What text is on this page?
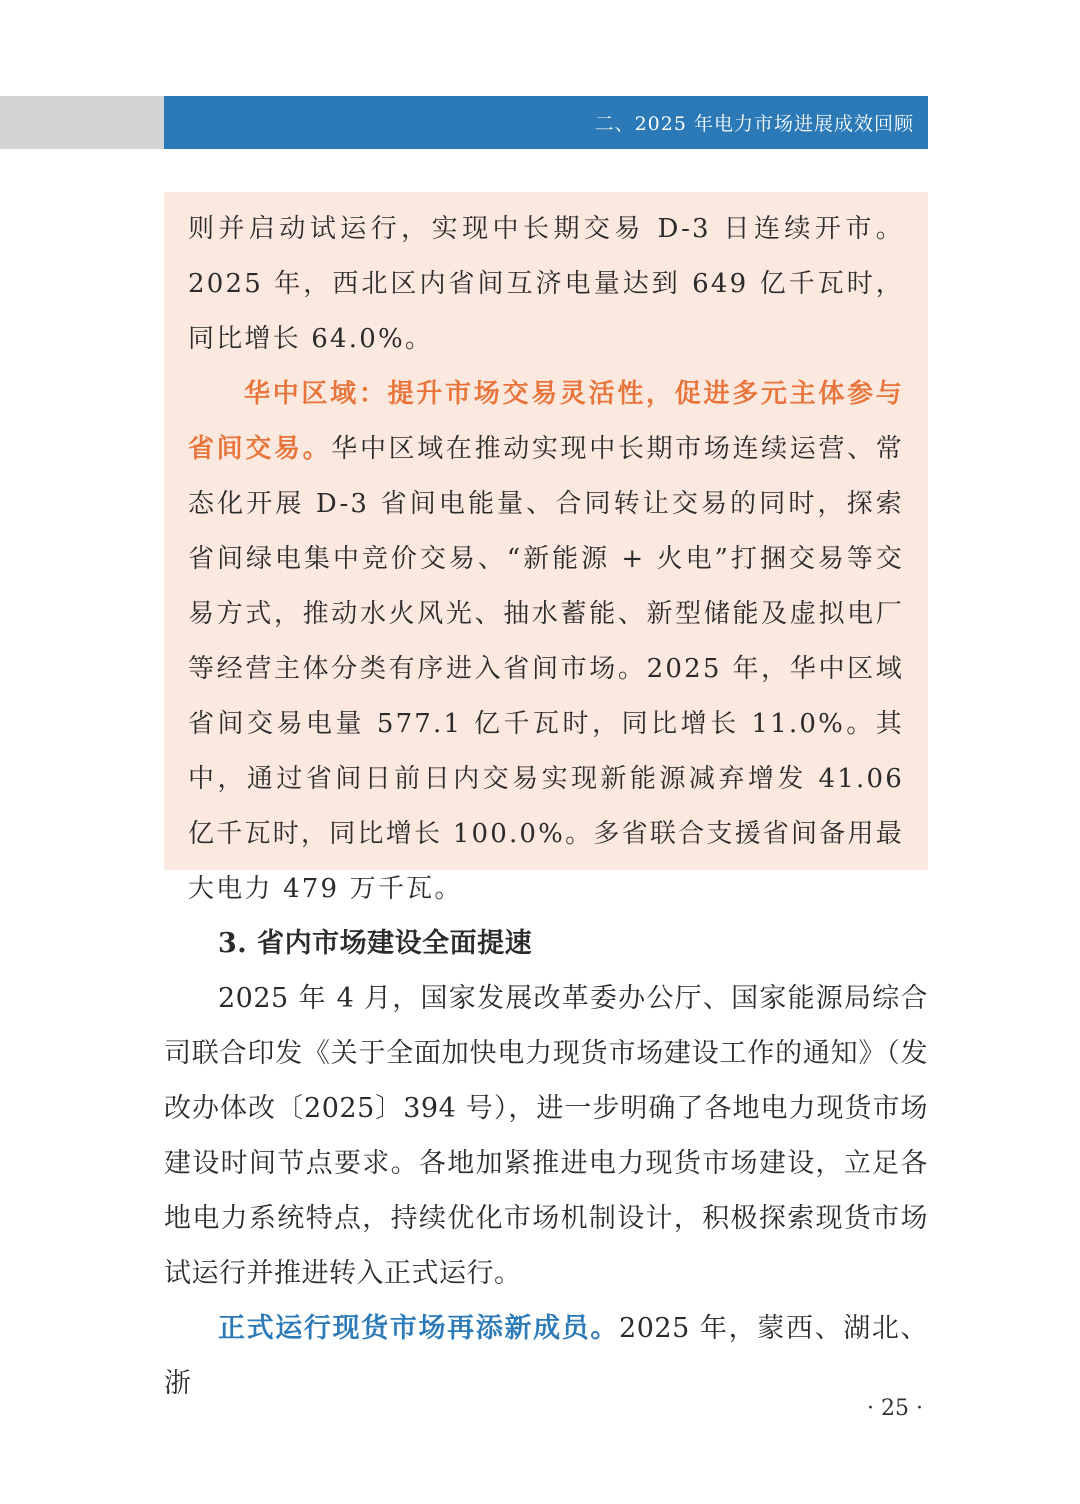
二、2025 年电力市场进展成效回顾

则并启动试运行，实现中长期交易 D-3 日连续开市。2025 年，西北区内省间互济电量达到 649 亿千瓦时，同比增长 64.0%。

华中区域：提升市场交易灵活性，促进多元主体参与省间交易。华中区域在推动实现中长期市场连续运营、常态化开展 D-3 省间电能量、合同转让交易的同时，探索省间绿电集中竞价交易、“新能源 + 火电”打捆交易等交易方式，推动水火风光、抽水蓄能、新型储能及虚拟电厂等经营主体分类有序进入省间市场。2025 年，华中区域省间交易电量 577.1 亿千瓦时，同比增长 11.0%。其中，通过省间日前日内交易实现新能源减弃增发 41.06 亿千瓦时，同比增长 100.0%。多省联合支援省间备用最大电力 479 万千瓦。

3. 省内市场建设全面提速

2025 年 4 月，国家发展改革委办公厅、国家能源局综合司联合印发《关于全面加快电力现货市场建设工作的通知》（发改办体改〔2025〕394 号），进一步明确了各地电力现货市场建设时间节点要求。各地加紧推进电力现货市场建设，立足各地电力系统特点，持续优化市场机制设计，积极探索现货市场试运行并推进转入正式运行。

正式运行现货市场再添新成员。2025 年，蒙西、湖北、浙

· 25 ·
